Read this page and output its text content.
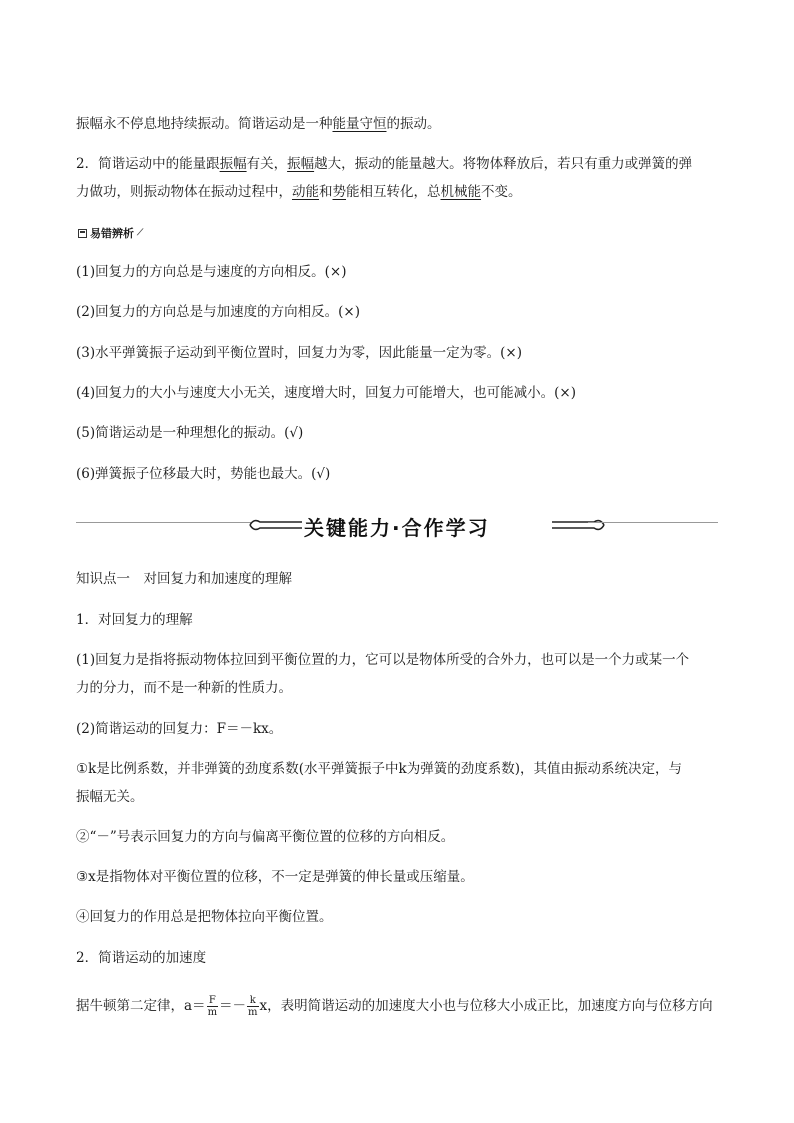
振幅永不停息地持续振动。简谐运动是一种能量守恒的振动。
2．简谐运动中的能量跟振幅有关，振幅越大，振动的能量越大。将物体释放后，若只有重力或弹簧的弹
力做功，则振动物体在振动过程中，动能和势能相互转化，总机械能不变。
易错辨析 ⟋
(1)回复力的方向总是与速度的方向相反。(×)
(2)回复力的方向总是与加速度的方向相反。(×)
(3)水平弹簧振子运动到平衡位置时，回复力为零，因此能量一定为零。(×)
(4)回复力的大小与速度大小无关，速度增大时，回复力可能增大，也可能减小。(×)
(5)简谐运动是一种理想化的振动。(√)
(6)弹簧振子位移最大时，势能也最大。(√)
关键能力·合作学习
知识点一　对回复力和加速度的理解
1．对回复力的理解
(1)回复力是指将振动物体拉回到平衡位置的力，它可以是物体所受的合外力，也可以是一个力或某一个
力的分力，而不是一种新的性质力。
(2)简谐运动的回复力：F＝－kx。
①k是比例系数，并非弹簧的劲度系数(水平弹簧振子中k为弹簧的劲度系数)，其值由振动系统决定，与
振幅无关。
②“－”号表示回复力的方向与偏离平衡位置的位移的方向相反。
③x是指物体对平衡位置的位移，不一定是弹簧的伸长量或压缩量。
④回复力的作用总是把物体拉向平衡位置。
2．简谐运动的加速度
据牛顿第二定律，$a= \frac{F}{m} =- \frac{k}{m}$ x，表明简谐运动的加速度大小也与位移大小成正比，加速度方向与位移方向
